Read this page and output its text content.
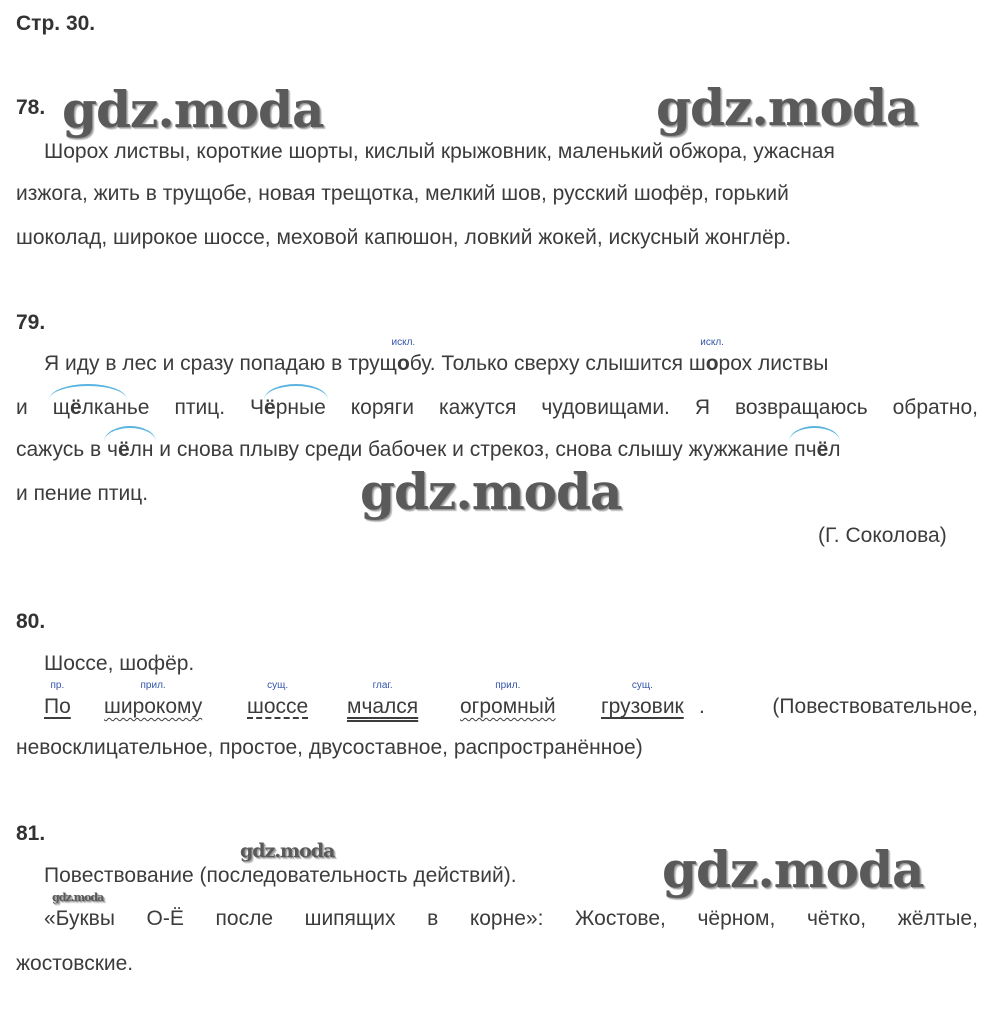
Стр. 30.
gdz.moda	gdz.moda
gdz.moda
gdz.moda
gdz.moda
gdz.moda
78.
Шорох листвы, короткие шорты, кислый крыжовник, маленький обжора, ужасная
изжога, жить в трущобе, новая трещотка, мелкий шов, русский шофёр, горький
шоколад, широкое шоссе, меховой капюшон, ловкий жокей, искусный жонглёр.
79.
Я иду в лес и сразу попадаю в трущ
искл.
обу. Только сверху слышится ш
искл.
орох листвы
и щёлканье птиц. Чёрные коряги кажутся чудовищами. Я возвращаюсь обратно,
сажусь в ч
ёлн и снова плыву среди бабочек и стрекоз, снова слышу жужжание пч
ёл
и пение птиц.
(Г. Соколова)
80.
Шоссе, шофёр.
пр.
По
прил.
широкому
сущ.
шоссе
глаг.
мчался
прил.
огромный
сущ.
грузовик .	(Повествовательное,
невосклицательное, простое, двусоставное, распространённое)
81.
Повествование (последовательность действий).
«Буквы О-Ё после шипящих в корне»: Жостове, чёрном, чётко, жёлтые,
жостовские.
